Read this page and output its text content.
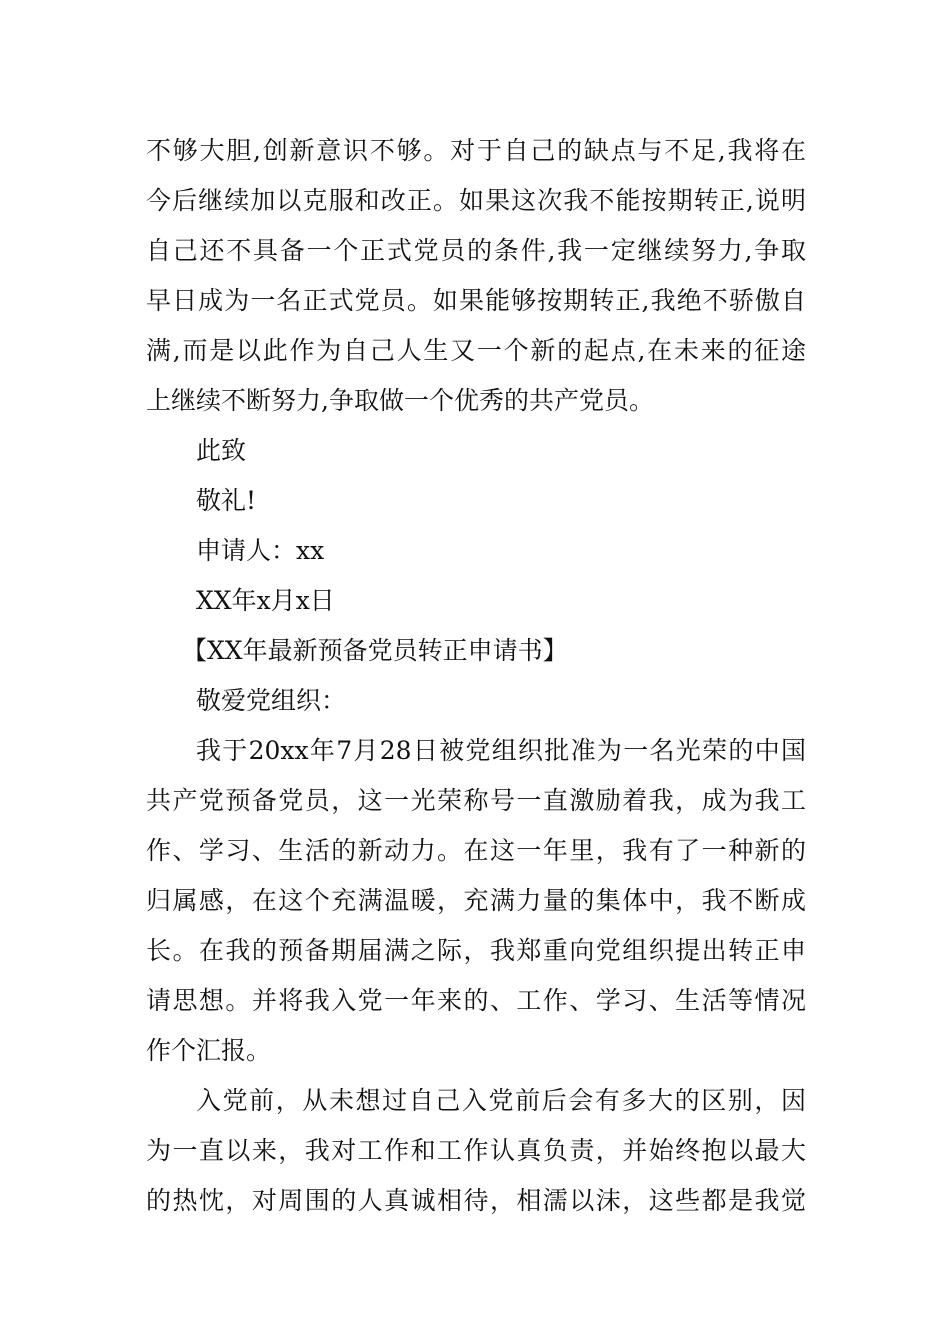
不够大胆,创新意识不够。对于自己的缺点与不足,我将在
今后继续加以克服和改正。如果这次我不能按期转正,说明
自己还不具备一个正式党员的条件,我一定继续努力,争取
早日成为一名正式党员。如果能够按期转正,我绝不骄傲自
满,而是以此作为自己人生又一个新的起点,在未来的征途
上继续不断努力,争取做一个优秀的共产党员。
此致
敬礼!
申请人：xx
XX年x月x日
【XX年最新预备党员转正申请书】
敬爱党组织：
我于20xx年7月28日被党组织批准为一名光荣的中国
共产党预备党员，这一光荣称号一直激励着我，成为我工
作、学习、生活的新动力。在这一年里，我有了一种新的
归属感，在这个充满温暖，充满力量的集体中，我不断成
长。在我的预备期届满之际，我郑重向党组织提出转正申
请思想。并将我入党一年来的、工作、学习、生活等情况
作个汇报。
入党前，从未想过自己入党前后会有多大的区别，因
为一直以来，我对工作和工作认真负责，并始终抱以最大
的热忱，对周围的人真诚相待，相濡以沫，这些都是我觉
